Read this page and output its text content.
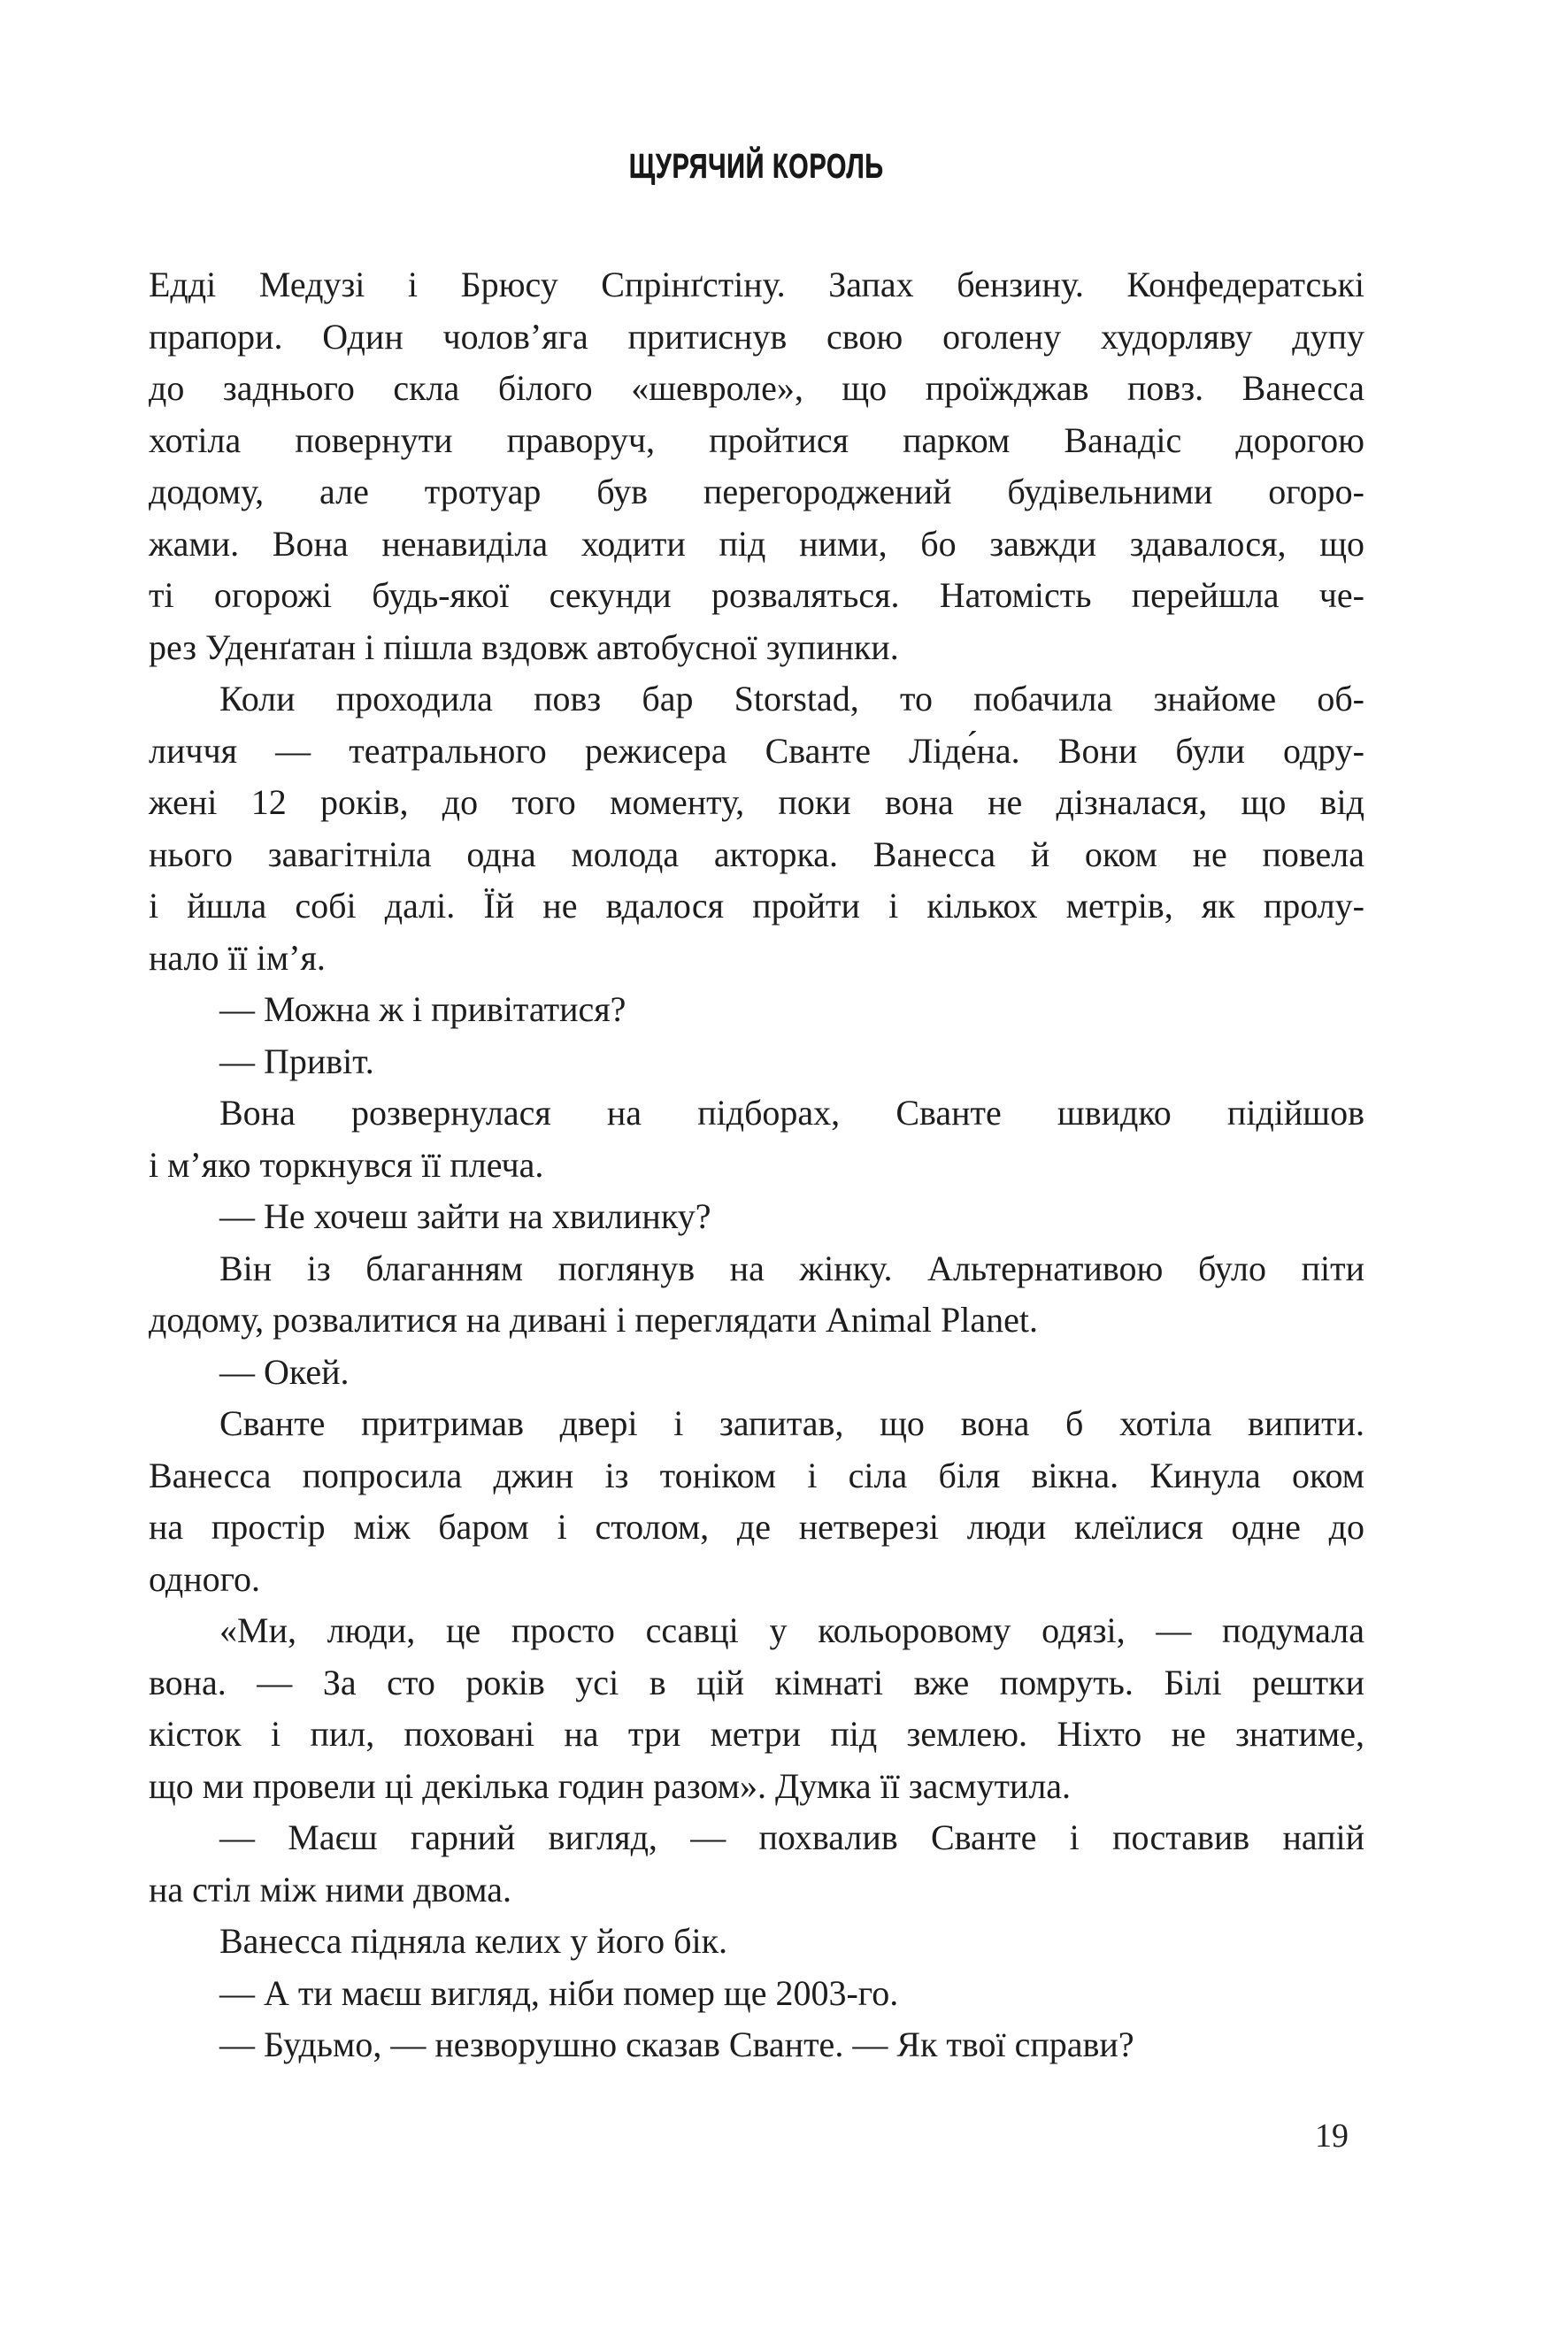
ЩУРЯЧИЙ КОРОЛЬ

Едді Медузі і Брюсу Спрінґстіну. Запах бензину. Конфедератські
прапори. Один чоловʼяга притиснув свою оголену худорляву дупу
до заднього скла білого «шевроле», що проїжджав повз. Ванесса
хотіла повернути праворуч, пройтися парком Ванадіс дорогою
додому, але тротуар був перегороджений будівельними огоро-
жами. Вона ненавиділа ходити під ними, бо завжди здавалося, що
ті огорожі будь-якої секунди розваляться. Натомість перейшла че-
рез Уденґатан і пішла вздовж автобусної зупинки.

Коли проходила повз бар Storstad, то побачила знайоме об-
личчя — театрального режисера Сванте Ліде́на. Вони були одру-
жені 12 років, до того моменту, поки вона не дізналася, що від
нього завагітніла одна молода акторка. Ванесса й оком не повела
і йшла собі далі. Їй не вдалося пройти і кількох метрів, як пролу-
нало її імʼя.

— Можна ж і привітатися?

— Привіт.

Вона розвернулася на підборах, Сванте швидко підійшов
і мʼяко торкнувся її плеча.

— Не хочеш зайти на хвилинку?

Він із благанням поглянув на жінку. Альтернативою було піти
додому, розвалитися на дивані і переглядати Animal Planet.

— Окей.

Сванте притримав двері і запитав, що вона б хотіла випити.
Ванесса попросила джин із тоніком і сіла біля вікна. Кинула оком
на простір між баром і столом, де нетверезі люди клеїлися одне до
одного.

«Ми, люди, це просто ссавці у кольоровому одязі, — подумала
вона. — За сто років усі в цій кімнаті вже помруть. Білі рештки
кісток і пил, поховані на три метри під землею. Ніхто не знатиме,
що ми провели ці декілька годин разом». Думка її засмутила.

— Маєш гарний вигляд, — похвалив Сванте і поставив напій
на стіл між ними двома.

Ванесса підняла келих у його бік.

— А ти маєш вигляд, ніби помер ще 2003-го.

— Будьмо, — незворушно сказав Сванте. — Як твої справи?

19
